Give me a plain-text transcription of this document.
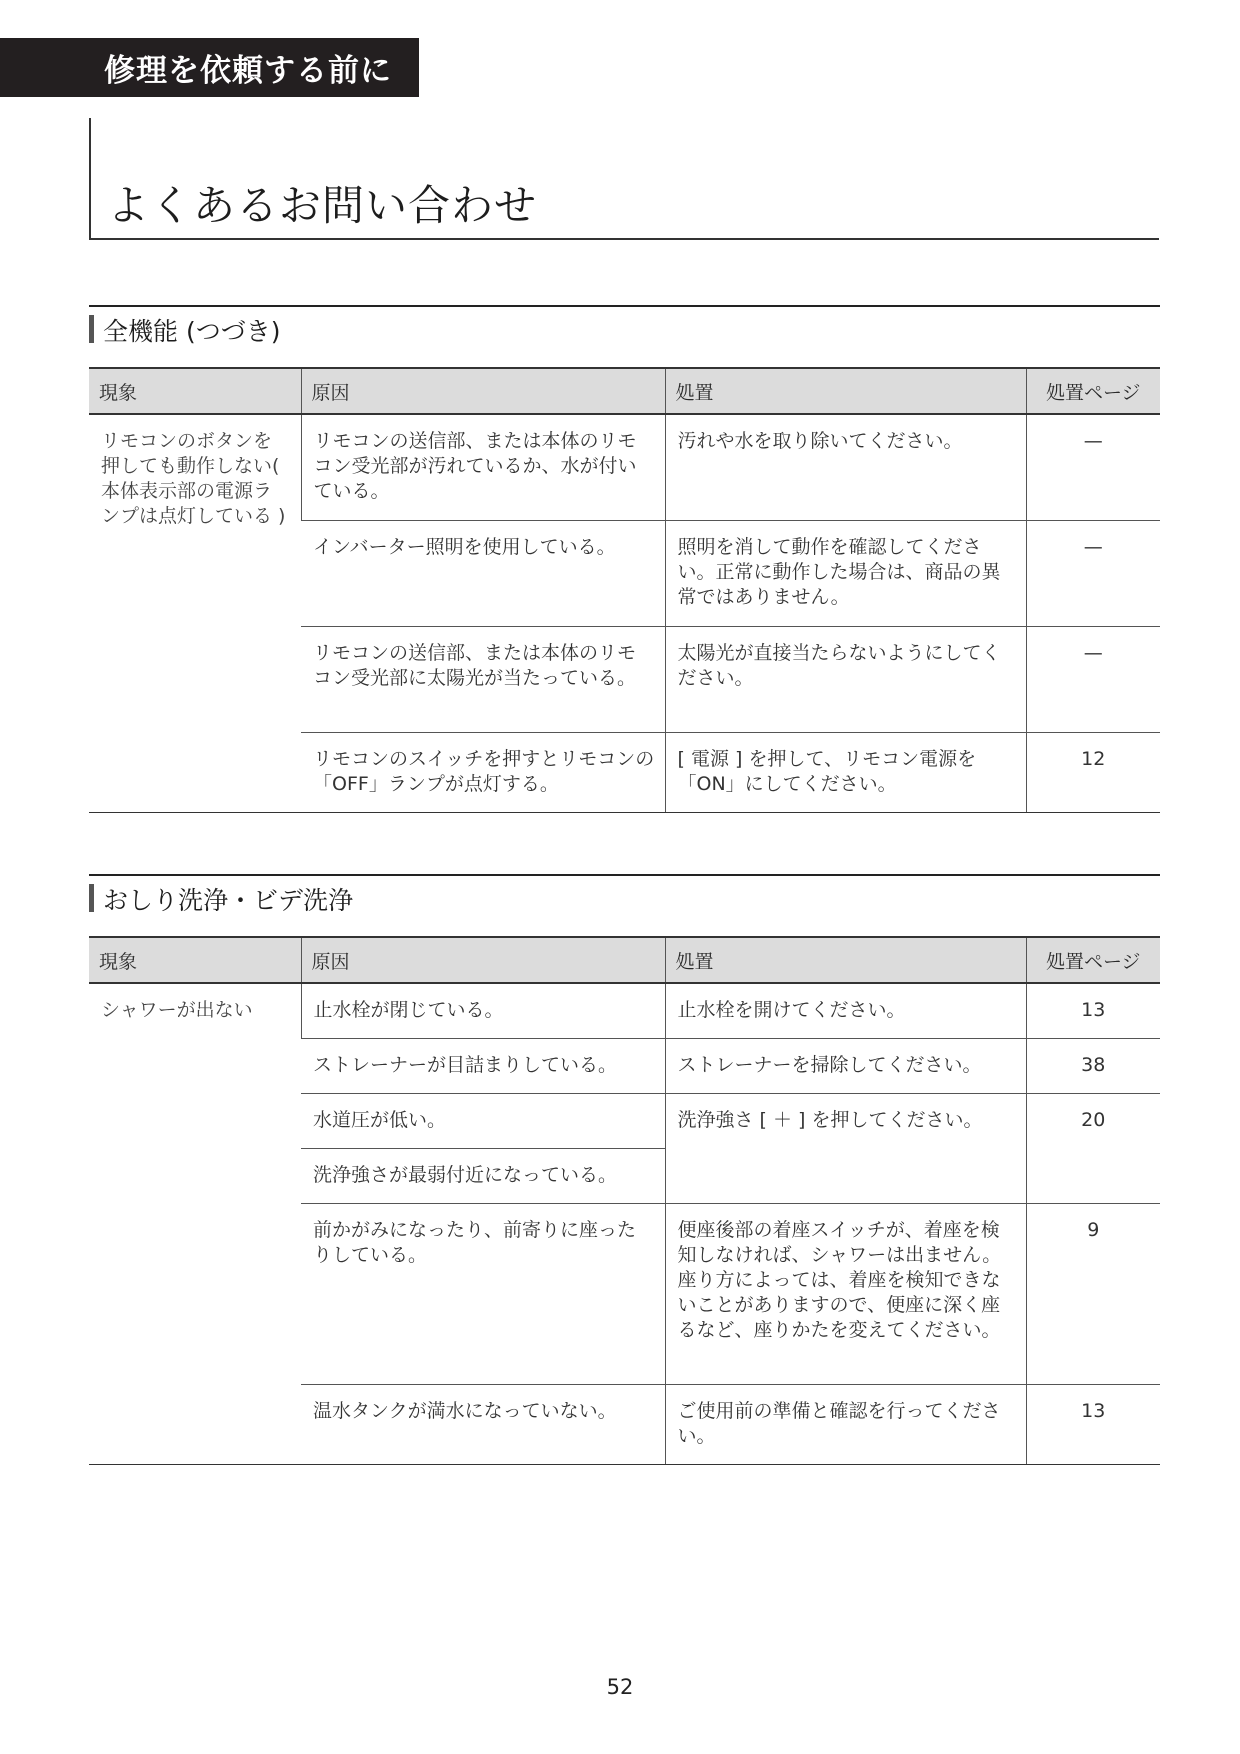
修理を依頼する前に
よくあるお問い合わせ
全機能 (つづき)
現象	原因	処置	処置ページ
リモコンのボタンを押しても動作しない( 本体表示部の電源ランプは点灯している )	リモコンの送信部、または本体のリモコン受光部が汚れているか、水が付いている。	汚れや水を取り除いてください。	—
	インバーター照明を使用している。	照明を消して動作を確認してください。正常に動作した場合は、商品の異常ではありません。	—
	リモコンの送信部、または本体のリモコン受光部に太陽光が当たっている。	太陽光が直接当たらないようにしてください。	—
	リモコンのスイッチを押すとリモコンの「OFF」ランプが点灯する。	[ 電源 ] を押して、リモコン電源を「ON」にしてください。	12
おしり洗浄・ビデ洗浄
現象	原因	処置	処置ページ
シャワーが出ない	止水栓が閉じている。	止水栓を開けてください。	13
	ストレーナーが目詰まりしている。	ストレーナーを掃除してください。	38
	水道圧が低い。	洗浄強さ [ ＋ ] を押してください。	20
	洗浄強さが最弱付近になっている。		
	前かがみになったり、前寄りに座ったりしている。	便座後部の着座スイッチが、着座を検知しなければ、シャワーは出ません。座り方によっては、着座を検知できないことがありますので、便座に深く座るなど、座りかたを変えてください。	9
	温水タンクが満水になっていない。	ご使用前の準備と確認を行ってください。	13
52
